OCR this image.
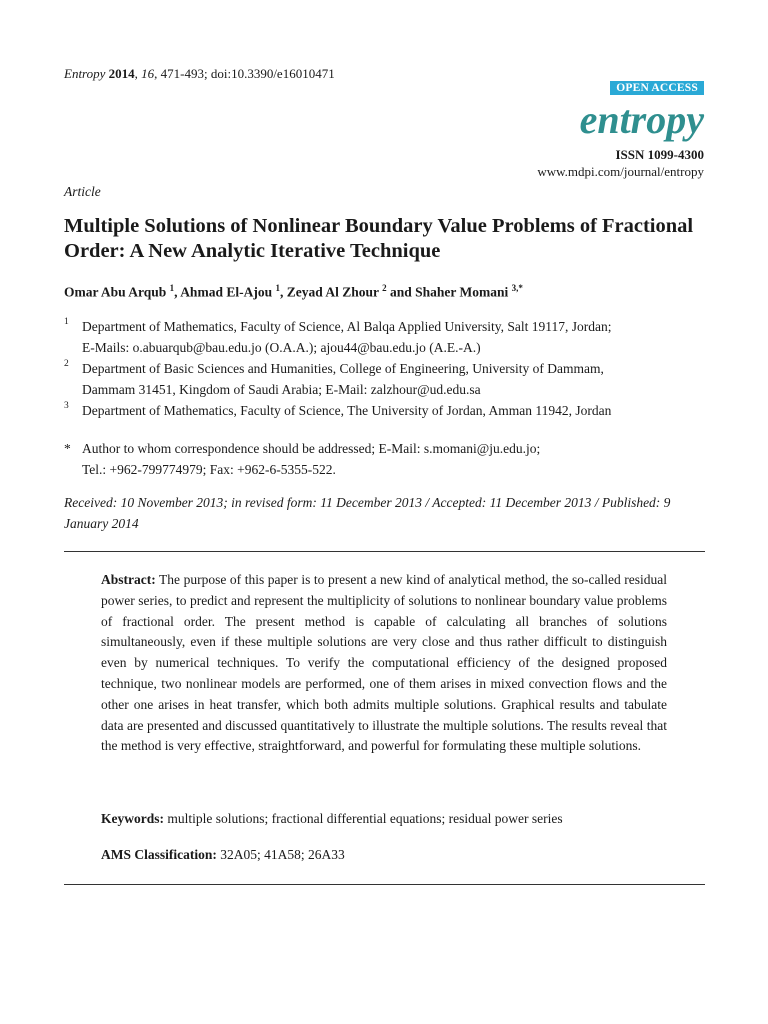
Entropy 2014, 16, 471-493; doi:10.3390/e16010471
OPEN ACCESS
entropy
ISSN 1099-4300
www.mdpi.com/journal/entropy
Article
Multiple Solutions of Nonlinear Boundary Value Problems of Fractional Order: A New Analytic Iterative Technique
Omar Abu Arqub $^1$, Ahmad El-Ajou $^1$, Zeyad Al Zhour $^2$ and Shaher Momani $^{3,*}$
1 Department of Mathematics, Faculty of Science, Al Balqa Applied University, Salt 19117, Jordan;
E-Mails: o.abuarqub@bau.edu.jo (O.A.A.); ajou44@bau.edu.jo (A.E.-A.)
2 Department of Basic Sciences and Humanities, College of Engineering, University of Dammam,
Dammam 31451, Kingdom of Saudi Arabia; E-Mail: zalzhour@ud.edu.sa
3 Department of Mathematics, Faculty of Science, The University of Jordan, Amman 11942, Jordan
* Author to whom correspondence should be addressed; E-Mail: s.momani@ju.edu.jo;
Tel.: +962-799774979; Fax: +962-6-5355-522.
Received: 10 November 2013; in revised form: 11 December 2013 / Accepted: 11 December 2013 / Published: 9 January 2014
Abstract: The purpose of this paper is to present a new kind of analytical method, the so-called residual power series, to predict and represent the multiplicity of solutions to nonlinear boundary value problems of fractional order. The present method is capable of calculating all branches of solutions simultaneously, even if these multiple solutions are very close and thus rather difficult to distinguish even by numerical techniques. To verify the computational efficiency of the designed proposed technique, two nonlinear models are performed, one of them arises in mixed convection flows and the other one arises in heat transfer, which both admits multiple solutions. Graphical results and tabulate data are presented and discussed quantitatively to illustrate the multiple solutions. The results reveal that the method is very effective, straightforward, and powerful for formulating these multiple solutions.
Keywords: multiple solutions; fractional differential equations; residual power series
AMS Classification: 32A05; 41A58; 26A33
